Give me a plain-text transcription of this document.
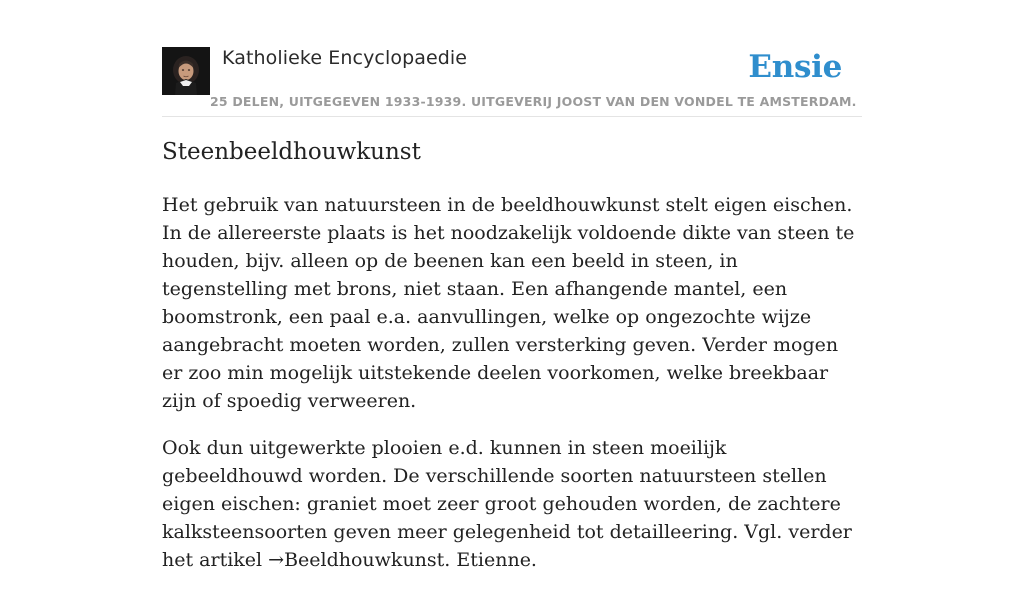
Katholieke Encyclopaedie
25 DELEN, UITGEGEVEN 1933-1939. UITGEVERIJ JOOST VAN DEN VONDEL TE AMSTERDAM.
Ensie
Steenbeeldhouwkunst

Het gebruik van natuursteen in de beeldhouwkunst stelt eigen eischen. In de allereerste plaats is het noodzakelijk voldoende dikte van steen te houden, bijv. alleen op de beenen kan een beeld in steen, in tegenstelling met brons, niet staan. Een afhangende mantel, een boomstronk, een paal e.a. aanvullingen, welke op ongezochte wijze aangebracht moeten worden, zullen versterking geven. Verder mogen er zoo min mogelijk uitstekende deelen voorkomen, welke breekbaar zijn of spoedig verweeren.

Ook dun uitgewerkte plooien e.d. kunnen in steen moeilijk gebeeldhouwd worden. De verschillende soorten natuursteen stellen eigen eischen: graniet moet zeer groot gehouden worden, de zachtere kalksteensoorten geven meer gelegenheid tot detailleering. Vgl. verder het artikel →Beeldhouwkunst. Etienne.
